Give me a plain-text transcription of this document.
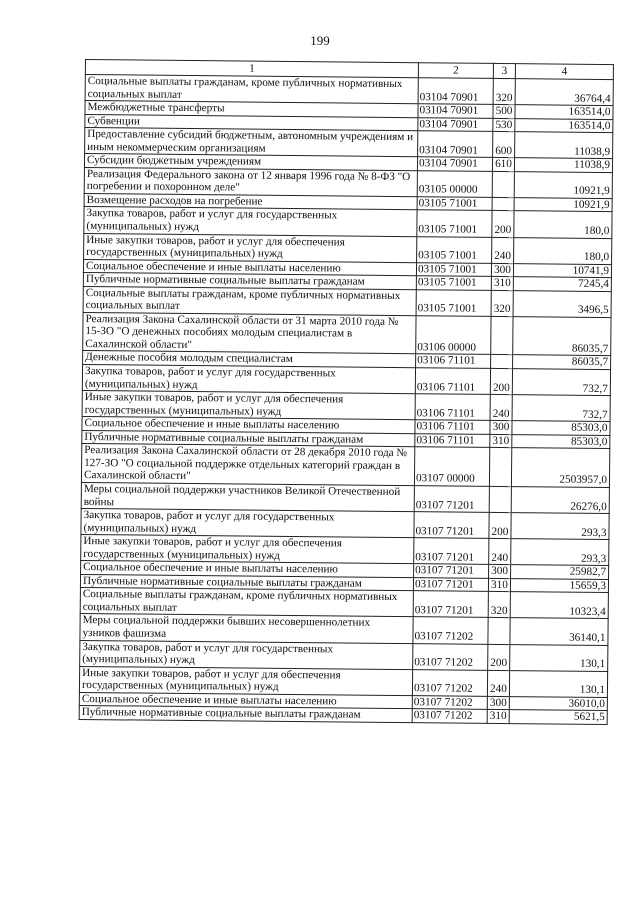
199
1	2	3	4
Социальные выплаты гражданам, кроме публичных нормативных социальных выплат	03104 70901	320	36764,4
Межбюджетные трансферты	03104 70901	500	163514,0
Субвенции	03104 70901	530	163514,0
Предоставление субсидий бюджетным, автономным учреждениям и иным некоммерческим организациям	03104 70901	600	11038,9
Субсидии бюджетным учреждениям	03104 70901	610	11038,9
Реализация Федерального закона от 12 января 1996 года № 8-ФЗ "О погребении и похоронном деле"	03105 00000		10921,9
Возмещение расходов на погребение	03105 71001		10921,9
Закупка товаров, работ и услуг для государственных (муниципальных) нужд	03105 71001	200	180,0
Иные закупки товаров, работ и услуг для обеспечения государственных (муниципальных) нужд	03105 71001	240	180,0
Социальное обеспечение и иные выплаты населению	03105 71001	300	10741,9
Публичные нормативные социальные выплаты гражданам	03105 71001	310	7245,4
Социальные выплаты гражданам, кроме публичных нормативных социальных выплат	03105 71001	320	3496,5
Реализация Закона Сахалинской области от 31 марта 2010 года № 15-ЗО "О денежных пособиях молодым специалистам в Сахалинской области"	03106 00000		86035,7
Денежные пособия молодым специалистам	03106 71101		86035,7
Закупка товаров, работ и услуг для государственных (муниципальных) нужд	03106 71101	200	732,7
Иные закупки товаров, работ и услуг для обеспечения государственных (муниципальных) нужд	03106 71101	240	732,7
Социальное обеспечение и иные выплаты населению	03106 71101	300	85303,0
Публичные нормативные социальные выплаты гражданам	03106 71101	310	85303,0
Реализация Закона Сахалинской области от 28 декабря 2010 года № 127-ЗО "О социальной поддержке отдельных категорий граждан в Сахалинской области"	03107 00000		2503957,0
Меры социальной поддержки участников Великой Отечественной войны	03107 71201		26276,0
Закупка товаров, работ и услуг для государственных (муниципальных) нужд	03107 71201	200	293,3
Иные закупки товаров, работ и услуг для обеспечения государственных (муниципальных) нужд	03107 71201	240	293,3
Социальное обеспечение и иные выплаты населению	03107 71201	300	25982,7
Публичные нормативные социальные выплаты гражданам	03107 71201	310	15659,3
Социальные выплаты гражданам, кроме публичных нормативных социальных выплат	03107 71201	320	10323,4
Меры социальной поддержки бывших несовершеннолетних узников фашизма	03107 71202		36140,1
Закупка товаров, работ и услуг для государственных (муниципальных) нужд	03107 71202	200	130,1
Иные закупки товаров, работ и услуг для обеспечения государственных (муниципальных) нужд	03107 71202	240	130,1
Социальное обеспечение и иные выплаты населению	03107 71202	300	36010,0
Публичные нормативные социальные выплаты гражданам	03107 71202	310	5621,5
